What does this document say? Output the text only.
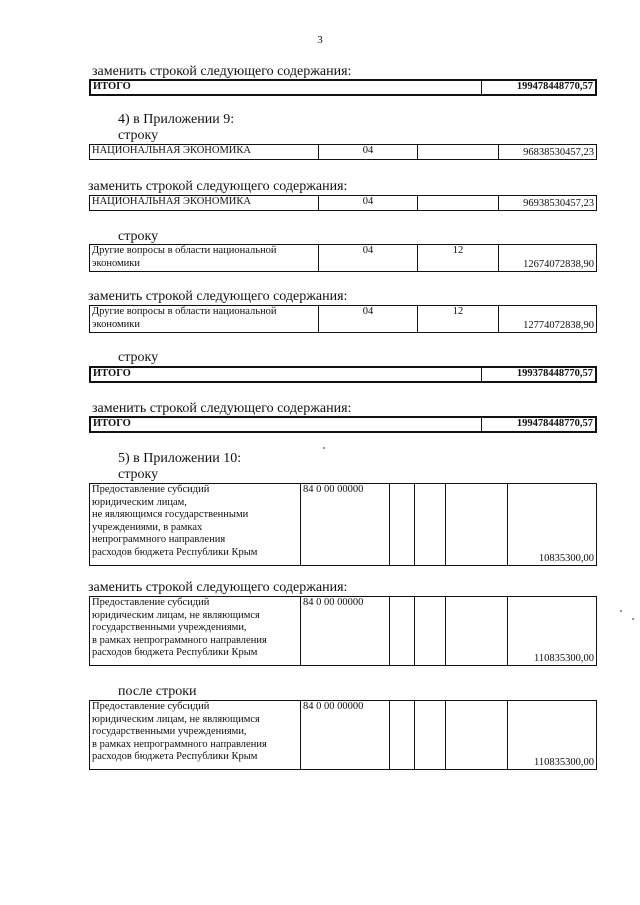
3
заменить строкой следующего содержания:
ИТОГО	199478448770,57
4) в Приложении 9:
строку
НАЦИОНАЛЬНАЯ ЭКОНОМИКА	04		96838530457,23
заменить строкой следующего содержания:
НАЦИОНАЛЬНАЯ ЭКОНОМИКА	04		96938530457,23
строку
Другие вопросы в области национальной
экономики
	04	12	12674072838,90
заменить строкой следующего содержания:
Другие вопросы в области национальной
экономики
	04	12	12774072838,90
строку
ИТОГО	199378448770,57
заменить строкой следующего содержания:
ИТОГО	199478448770,57
5) в Приложении 10:
строку
Предоставление субсидий
юридическим лицам,
не являющимся государственными
учреждениями, в рамках
непрограммного направления
расходов бюджета Республики Крым
	84 0 00 00000				10835300,00
заменить строкой следующего содержания:
Предоставление субсидий
юридическим лицам, не являющимся
государственными учреждениями,
в рамках непрограммного направления
расходов бюджета Республики Крым
	84 0 00 00000				110835300,00
после строки
Предоставление субсидий
юридическим лицам, не являющимся
государственными учреждениями,
в рамках непрограммного направления
расходов бюджета Республики Крым
	84 0 00 00000				110835300,00
